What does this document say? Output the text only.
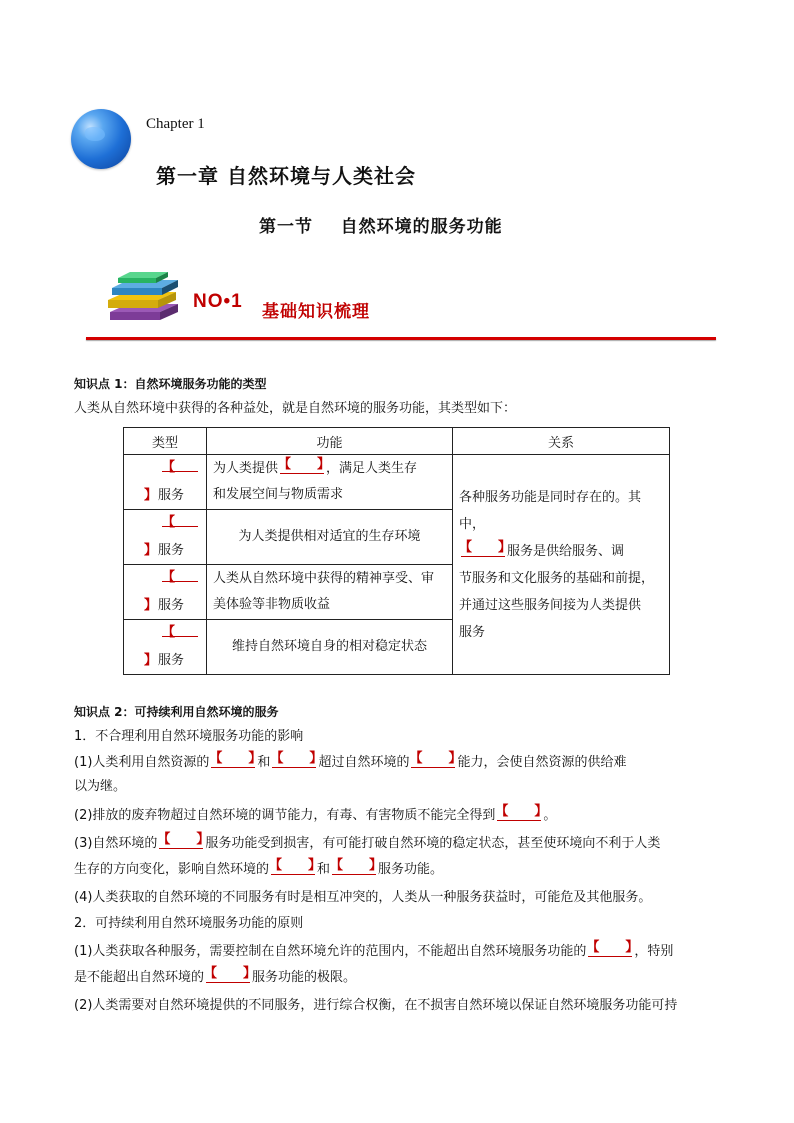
Chapter 1
第一章 自然环境与人类社会
第一节    自然环境的服务功能
NO•1 基础知识梳理
知识点 1：自然环境服务功能的类型
人类从自然环境中获得的各种益处，就是自然环境的服务功能，其类型如下：
类型	功能	关系

【
】 服务	为人类提供 【 】 ，满足人类生存
和发展空间与物质需求	各种服务功能是同时存在的。其中，
【 】服务是供给服务、调
节服务和文化服务的基础和前提，
并通过这些服务间接为人类提供
服务

【
】 服务	为人类提供相对适宜的生存环境	

【
】 服务	人类从自然环境中获得的精神享受、审
美体验等非物质收益	

【
】 服务	维持自然环境自身的相对稳定状态	
知识点 2：可持续利用自然环境的服务
1．不合理利用自然环境服务功能的影响
(1)人类利用自然资源的 【 】	和 【 】	超过自然环境的 【 】	能力，会使自然资源的供给难
以为继。
(2)排放的废弃物超过自然环境的调节能力，有毒、有害物质不能完全得到 【 】	。
(3)自然环境的 【 】	服务功能受到损害，有可能打破自然环境的稳定状态，甚至使环境向不利于人类
生存的方向变化，影响自然环境的 【 】	和 【 】	服务功能。
(4)人类获取的自然环境的不同服务有时是相互冲突的，人类从一种服务获益时，可能危及其他服务。
2．可持续利用自然环境服务功能的原则
(1)人类获取各种服务，需要控制在自然环境允许的范围内，不能超出自然环境服务功能的 【 】	，特别
是不能超出自然环境的 【 】	服务功能的极限。
(2)人类需要对自然环境提供的不同服务，进行综合权衡，在不损害自然环境以保证自然环境服务功能可持
